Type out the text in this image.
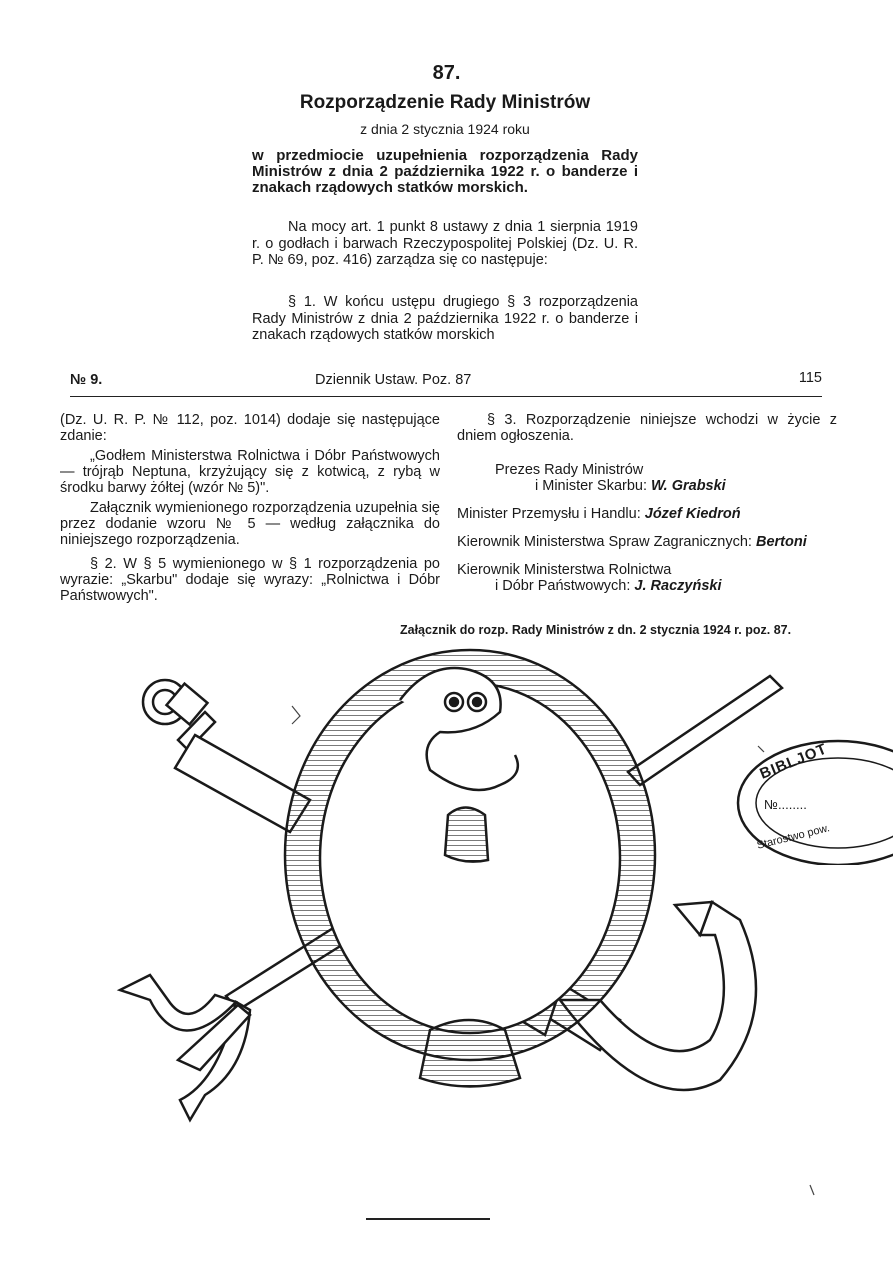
87.
Rozporządzenie Rady Ministrów
z dnia 2 stycznia 1924 roku
w przedmiocie uzupełnienia rozporządzenia Rady Ministrów z dnia 2 października 1922 r. o banderze i znakach rządowych statków morskich.
Na mocy art. 1 punkt 8 ustawy z dnia 1 sierpnia 1919 r. o godłach i barwach Rzeczypospolitej Polskiej (Dz. U. R. P. № 69, poz. 416) zarządza się co następuje:
§ 1. W końcu ustępu drugiego § 3 rozporządzenia Rady Ministrów z dnia 2 października 1922 r. o banderze i znakach rządowych statków morskich
№ 9.	Dziennik Ustaw. Poz. 87	115

(Dz. U. R. P. № 112, poz. 1014) dodaje się następujące zdanie:

„Godłem Ministerstwa Rolnictwa i Dóbr Państwowych — trójrąb Neptuna, krzyżujący się z kotwicą, z rybą w środku barwy żółtej (wzór № 5)".

Załącznik wymienionego rozporządzenia uzupełnia się przez dodanie wzoru № 5 — według załącznika do niniejszego rozporządzenia.

§ 2. W § 5 wymienionego w § 1 rozporządzenia po wyrazie: „Skarbu" dodaje się wyrazy: „Rolnictwa i Dóbr Państwowych".

§ 3. Rozporządzenie niniejsze wchodzi w życie z dniem ogłoszenia.

Prezes Rady Ministrów

i Minister Skarbu: W. Grabski

Minister Przemysłu i Handlu: Józef Kiedroń

Kierownik Ministerstwa Spraw Zagranicznych: Bertoni

Kierownik Ministerstwa Rolnictwa

i Dóbr Państwowych: J. Raczyński

Załącznik do rozp. Rady Ministrów z dn. 2 stycznia 1924 r. poz. 87.
BIBLJOT
№........
Starostwo pow.
